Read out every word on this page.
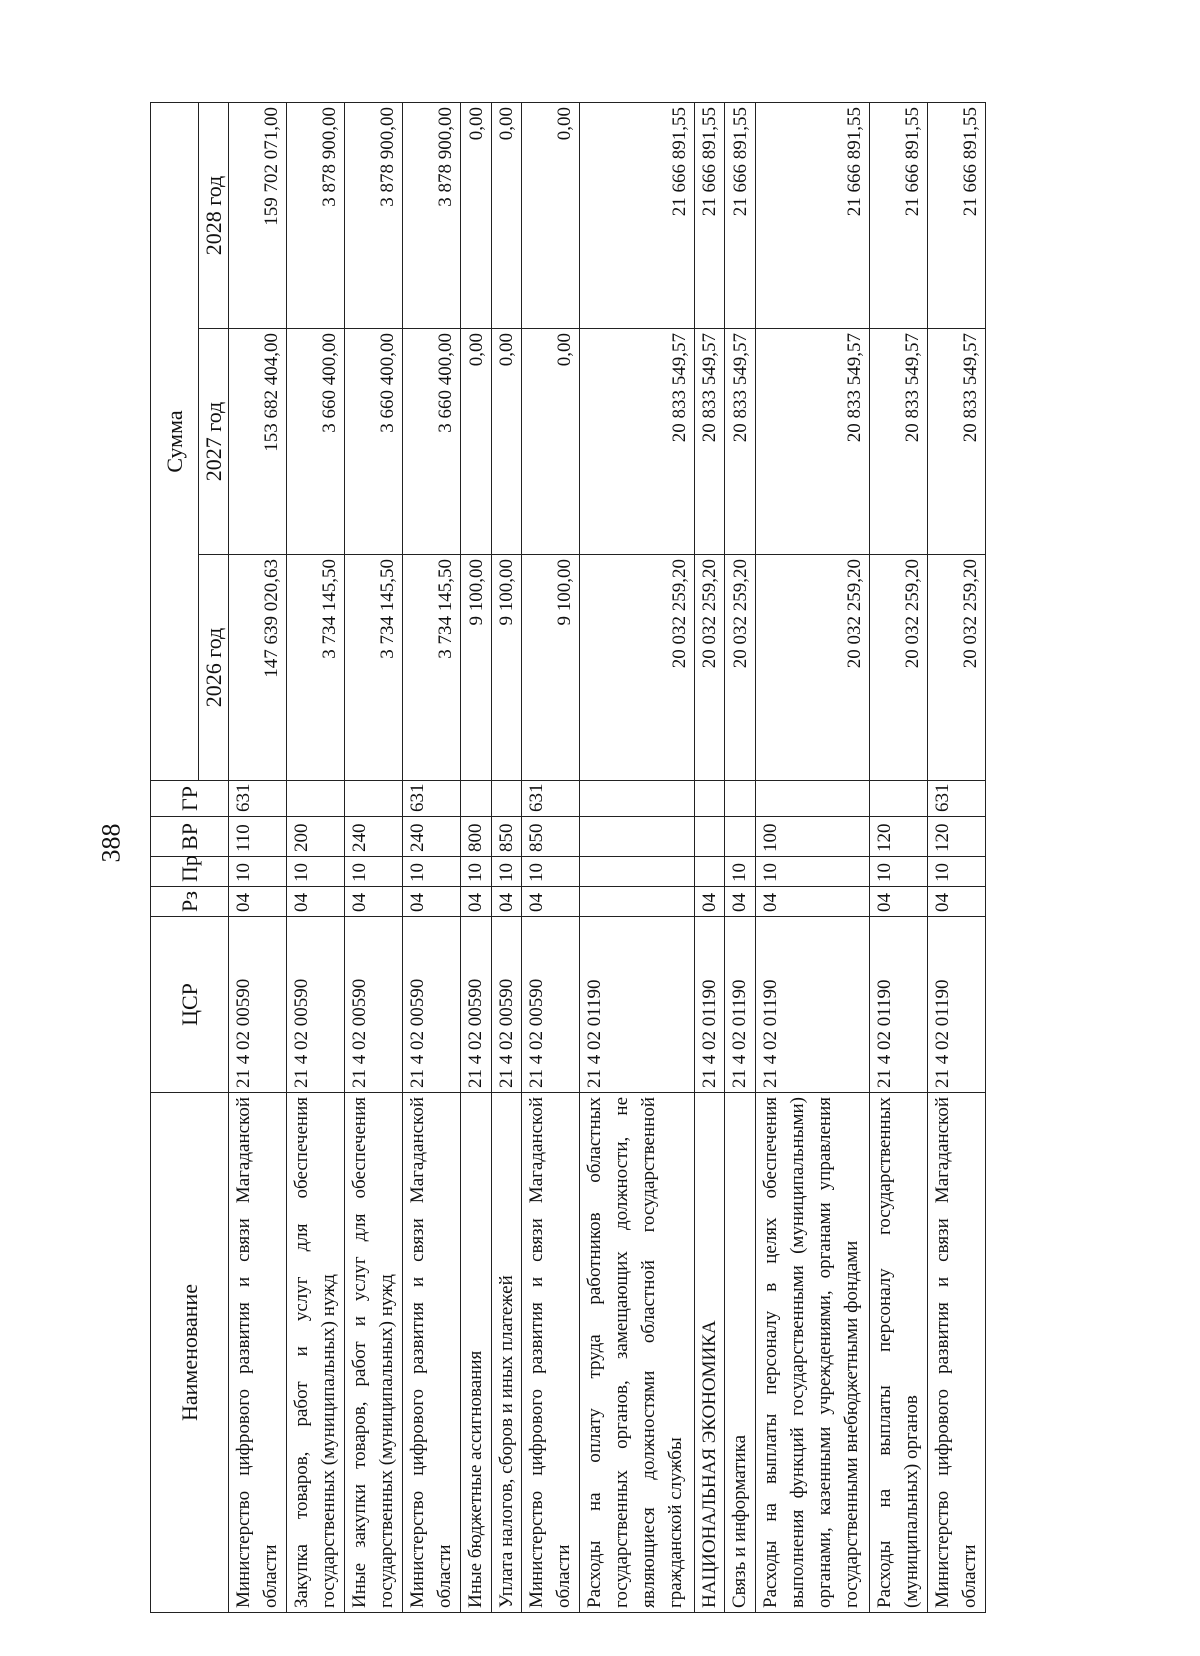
388
Наименование	ЦСР	Рз	Пр	ВР	ГР	Сумма		
						2026 год	2027 год	2028 год
Министерство цифрового развития и связи Магаданской области	21 4 02 00590	04	10	110	631	147 639 020,63	153 682 404,00	159 702 071,00
Закупка товаров, работ и услуг для обеспечения государственных (муниципальных) нужд	21 4 02 00590	04	10	200		3 734 145,50	3 660 400,00	3 878 900,00
Иные закупки товаров, работ и услуг для обеспечения государственных (муниципальных) нужд	21 4 02 00590	04	10	240		3 734 145,50	3 660 400,00	3 878 900,00
Министерство цифрового развития и связи Магаданской области	21 4 02 00590	04	10	240	631	3 734 145,50	3 660 400,00	3 878 900,00
Иные бюджетные ассигнования	21 4 02 00590	04	10	800		9 100,00	0,00	0,00
Уплата налогов, сборов и иных платежей	21 4 02 00590	04	10	850		9 100,00	0,00	0,00
Министерство цифрового развития и связи Магаданской области	21 4 02 00590	04	10	850	631	9 100,00	0,00	0,00
Расходы на оплату труда работников областных государственных органов, замещающих должности, не являющиеся должностями областной государственной гражданской службы	21 4 02 01190					20 032 259,20	20 833 549,57	21 666 891,55
НАЦИОНАЛЬНАЯ ЭКОНОМИКА	21 4 02 01190	04				20 032 259,20	20 833 549,57	21 666 891,55
Связь и информатика	21 4 02 01190	04	10			20 032 259,20	20 833 549,57	21 666 891,55
Расходы на выплаты персоналу в целях обеспечения выполнения функций государственными (муниципальными) органами, казенными учреждениями, органами управления государственными внебюджетными фондами	21 4 02 01190	04	10	100		20 032 259,20	20 833 549,57	21 666 891,55
Расходы на выплаты персоналу государственных (муниципальных) органов	21 4 02 01190	04	10	120		20 032 259,20	20 833 549,57	21 666 891,55
Министерство цифрового развития и связи Магаданской области	21 4 02 01190	04	10	120	631	20 032 259,20	20 833 549,57	21 666 891,55
